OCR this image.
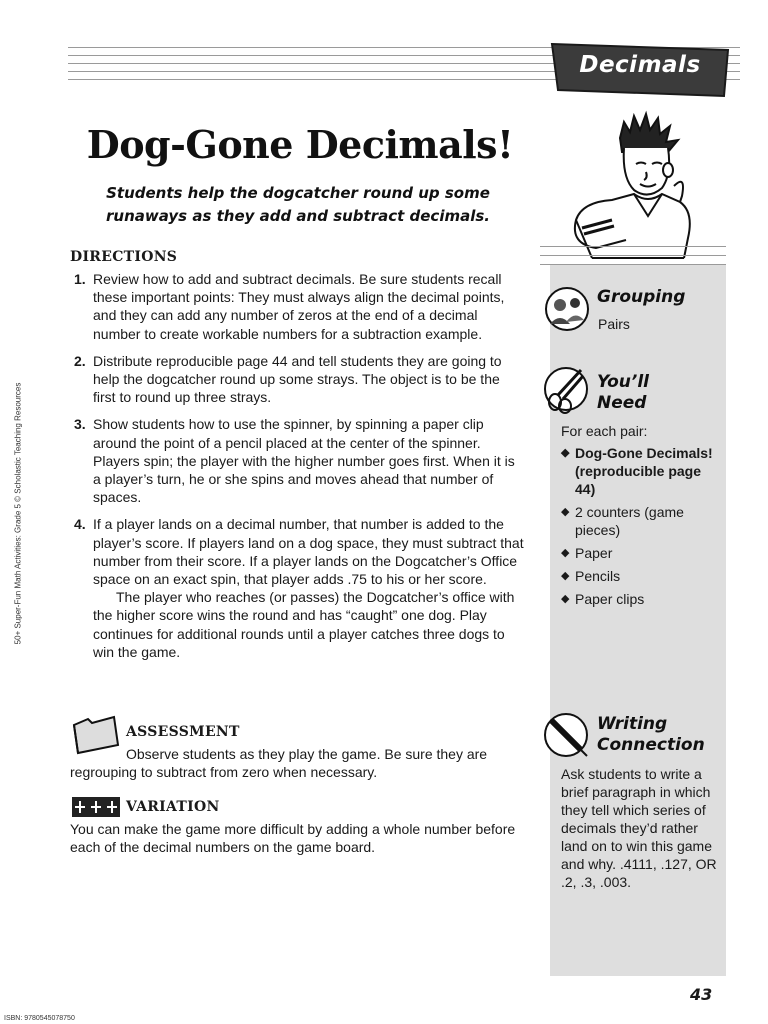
Decimals
Dog-Gone Decimals!
Students help the dogcatcher round up some
runaways as they add and subtract decimals.
Grouping
Pairs
You’ll
Need
For each pair:
◆ Dog-Gone Decimals! (reproducible page 44)
◆ 2 counters (game pieces)
◆ Paper
◆ Pencils
◆ Paper clips
Writing
Connection
Ask students to write a brief paragraph in which they tell which series of decimals they’d rather land on to win this game and why. .4111, .127, OR .2, .3, .003.
DIRECTIONS
1. Review how to add and subtract decimals. Be sure students recall these important points: They must always align the decimal points, and they can add any number of zeros at the end of a decimal number to create workable numbers for a subtraction example.

2. Distribute reproducible page 44 and tell students they are going to help the dogcatcher round up some strays. The object is to be the first to round up three strays.

3. Show students how to use the spinner, by spinning a paper clip around the point of a pencil placed at the center of the spinner. Players spin; the player with the higher number goes first. When it is a player’s turn, he or she spins and moves ahead that number of spaces.

4. If a player lands on a decimal number, that number is added to the player’s score. If players land on a dog space, they must subtract that number from their score. If a player lands on the Dogcatcher’s Office space on an exact spin, that player adds .75 to his or her score.

The player who reaches (or passes) the Dogcatcher’s office with the higher score wins the round and has “caught” one dog. Play continues for additional rounds until a player catches three dogs to win the game.

ASSESSMENT
Observe students as they play the game. Be sure they are
regrouping to subtract from zero when necessary.
VARIATION
You can make the game more difficult by adding a whole number before each of the decimal numbers on the game board.
43
ISBN: 9780545078750
50+ Super-Fun Math Activities: Grade 5 © Scholastic Teaching Resources
